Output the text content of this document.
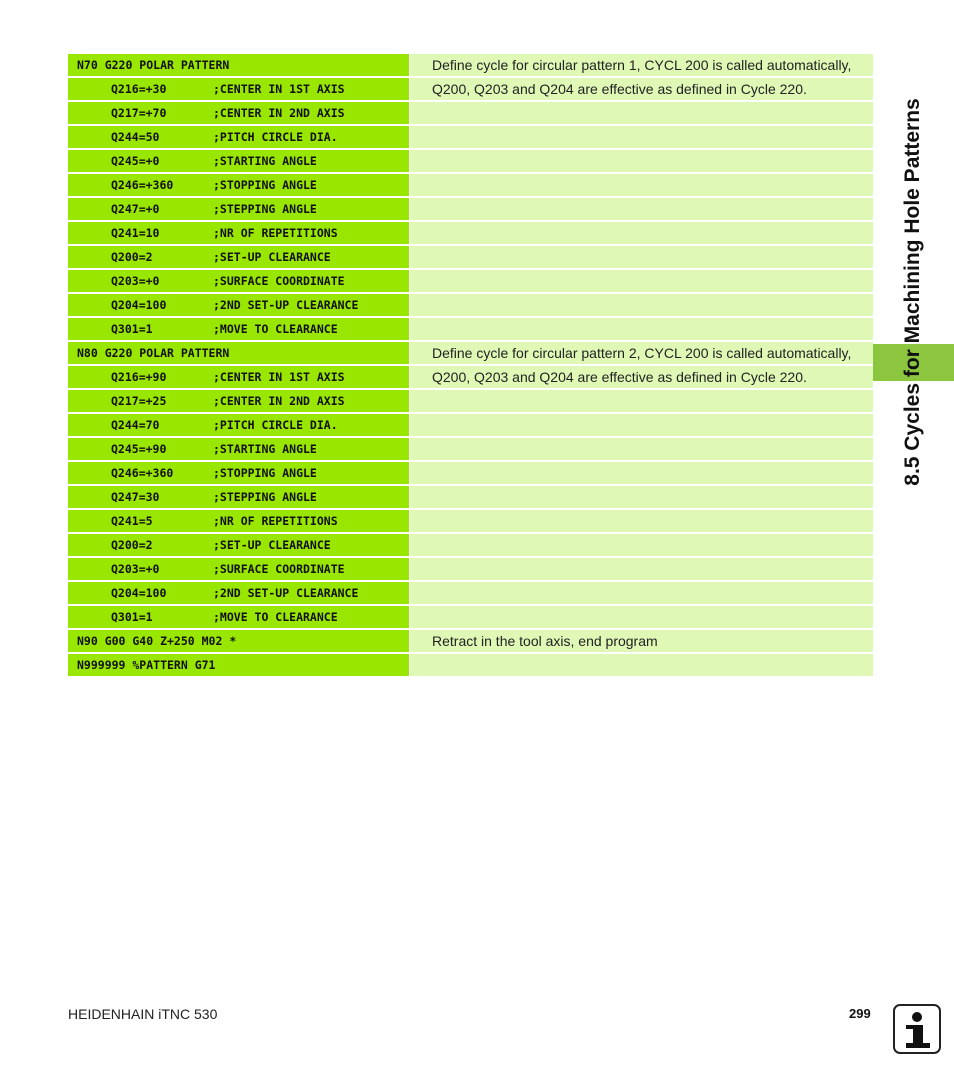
N70 G220 POLAR PATTERN	Define cycle for circular pattern 1, CYCL 200 is called automatically,
Q216=+30	;CENTER IN 1ST AXIS	Q200, Q203 and Q204 are effective as defined in Cycle 220.
Q217=+70	;CENTER IN 2ND AXIS
Q244=50	;PITCH CIRCLE DIA.
Q245=+0	;STARTING ANGLE
Q246=+360	;STOPPING ANGLE
Q247=+0	;STEPPING ANGLE
Q241=10	;NR OF REPETITIONS
Q200=2	;SET-UP CLEARANCE
Q203=+0	;SURFACE COORDINATE
Q204=100	;2ND SET-UP CLEARANCE
Q301=1	;MOVE TO CLEARANCE
N80 G220 POLAR PATTERN	Define cycle for circular pattern 2, CYCL 200 is called automatically,
Q216=+90	;CENTER IN 1ST AXIS	Q200, Q203 and Q204 are effective as defined in Cycle 220.
Q217=+25	;CENTER IN 2ND AXIS
Q244=70	;PITCH CIRCLE DIA.
Q245=+90	;STARTING ANGLE
Q246=+360	;STOPPING ANGLE
Q247=30	;STEPPING ANGLE
Q241=5	;NR OF REPETITIONS
Q200=2	;SET-UP CLEARANCE
Q203=+0	;SURFACE COORDINATE
Q204=100	;2ND SET-UP CLEARANCE
Q301=1	;MOVE TO CLEARANCE
N90 G00 G40 Z+250 M02 *	Retract in the tool axis, end program
N999999 %PATTERN G71
8.5 Cycles for Machining Hole Patterns
HEIDENHAIN iTNC 530	299
